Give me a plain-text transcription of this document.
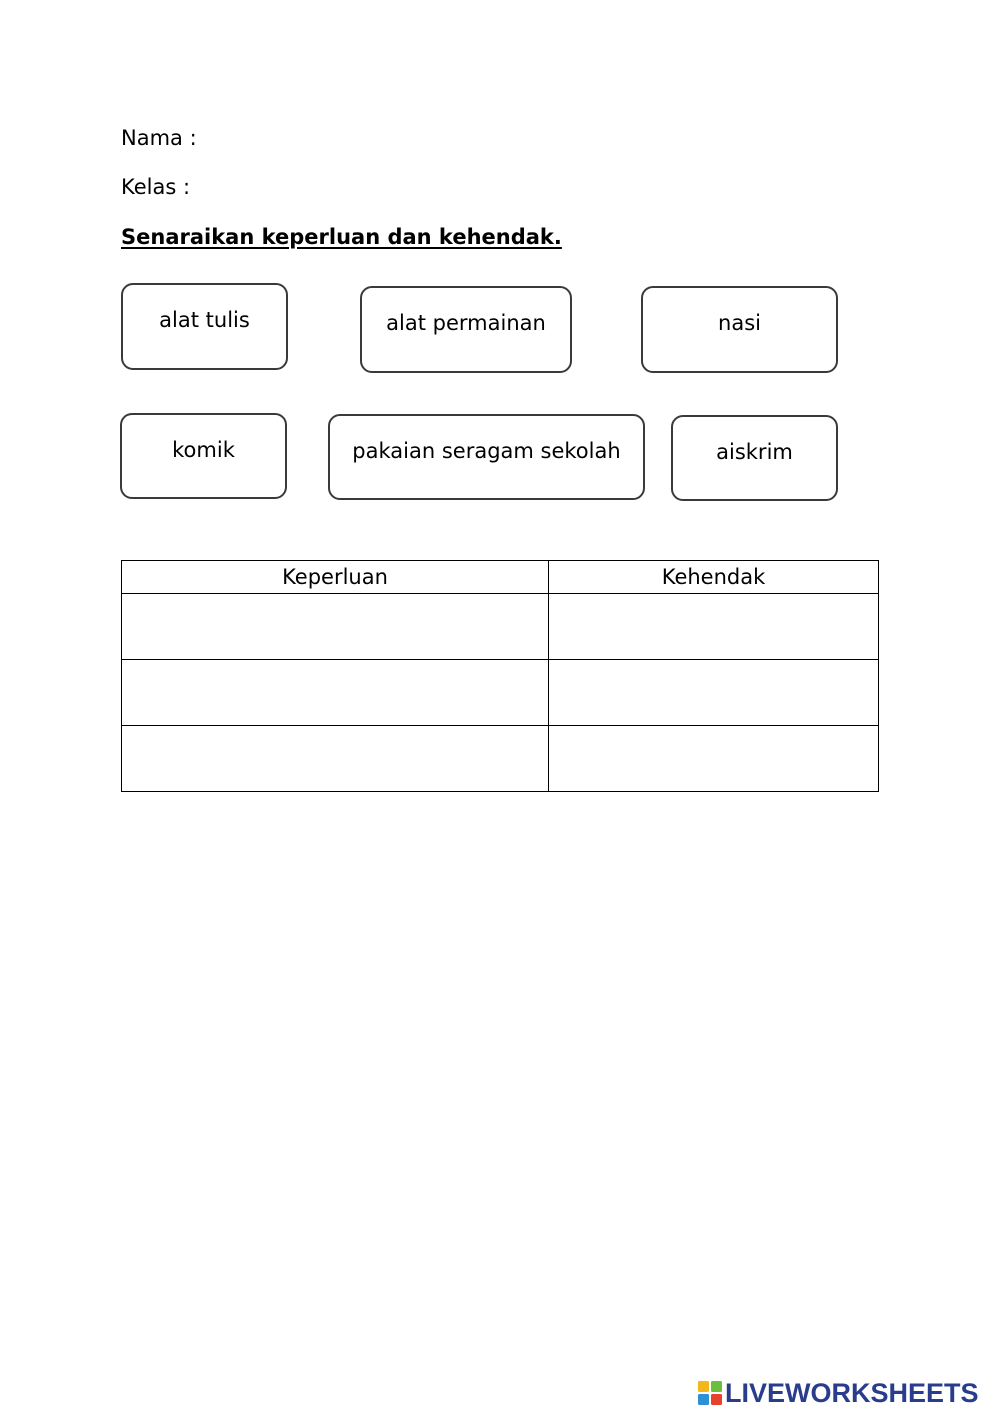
Nama :
Kelas :
Senaraikan keperluan dan kehendak.
alat tulis	alat permainan	nasi
komik	pakaian seragam sekolah	aiskrim
Keperluan	Kehendak

LIVEWORKSHEETS
